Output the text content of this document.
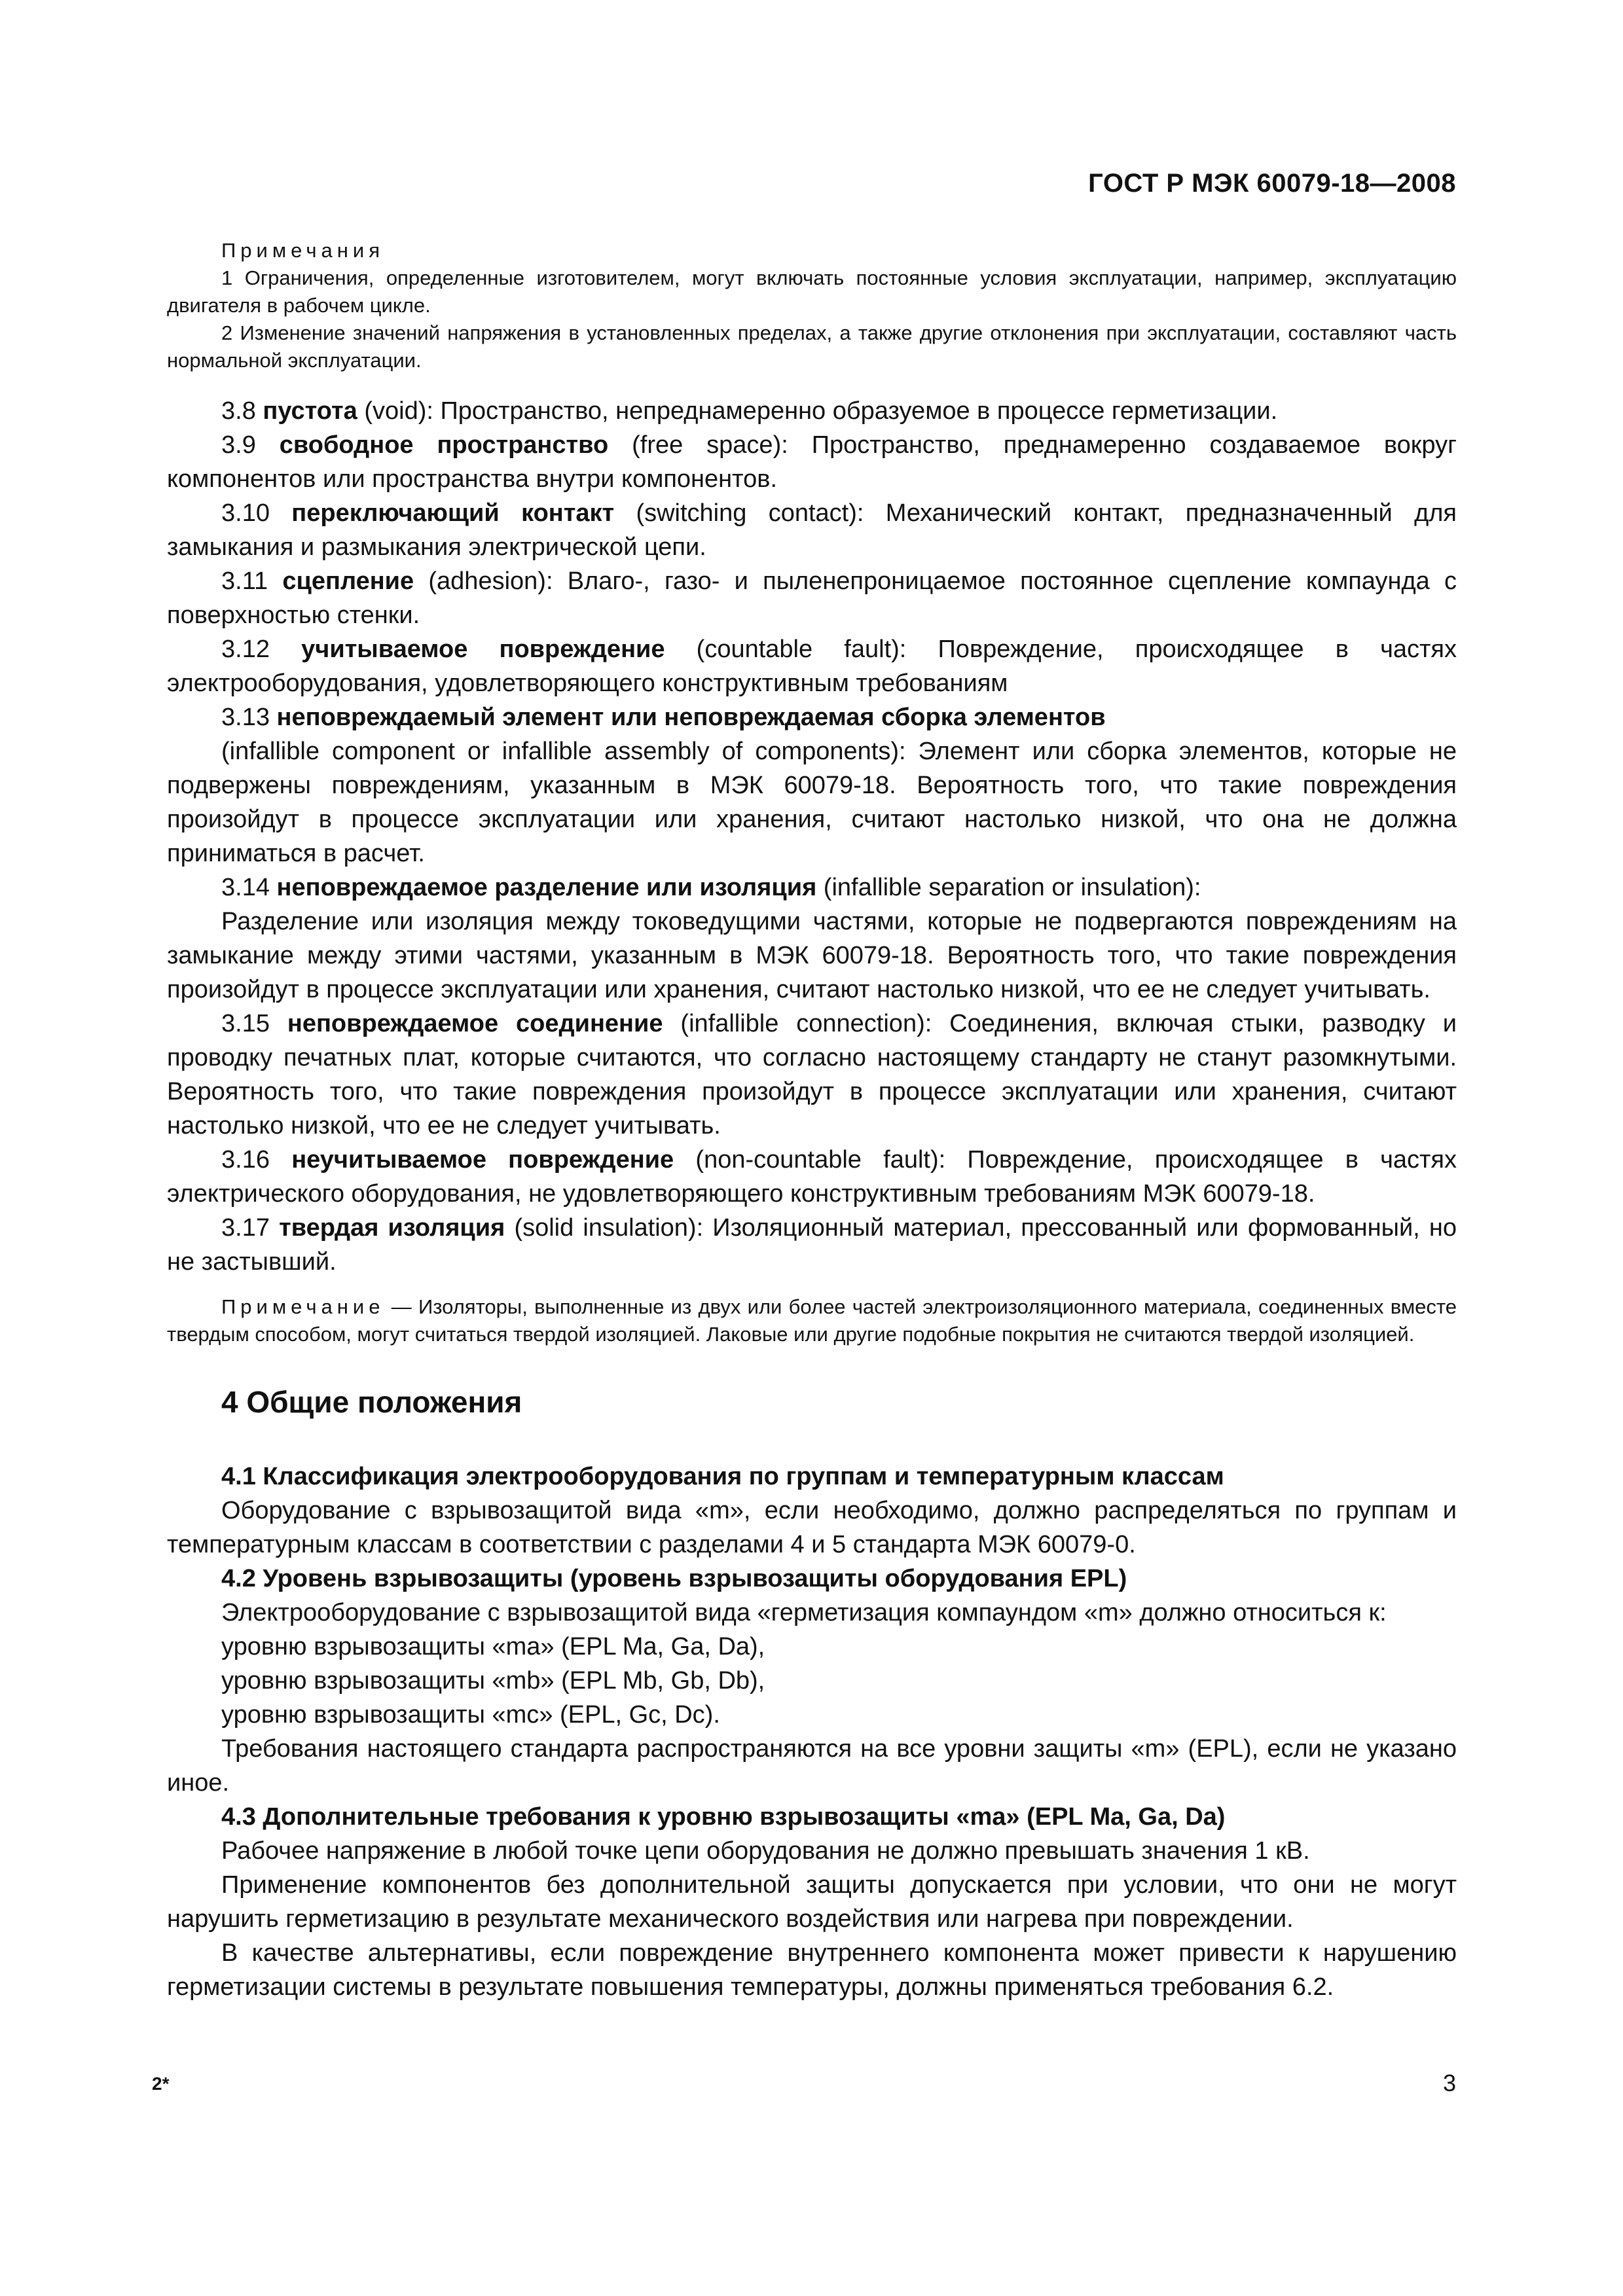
ГОСТ Р МЭК 60079-18—2008
Примечания

1 Ограничения, определенные изготовителем, могут включать постоянные условия эксплуатации, например, эксплуатацию двигателя в рабочем цикле.

2 Изменение значений напряжения в установленных пределах, а также другие отклонения при эксплуатации, составляют часть нормальной эксплуатации.

3.8 пустота (void): Пространство, непреднамеренно образуемое в процессе герметизации.

3.9 свободное пространство (free space): Пространство, преднамеренно создаваемое вокруг компонентов или пространства внутри компонентов.

3.10 переключающий контакт (switching contact): Механический контакт, предназначенный для замыкания и размыкания электрической цепи.

3.11 сцепление (adhesion): Влаго-, газо- и пыленепроницаемое постоянное сцепление компаунда с поверхностью стенки.

3.12 учитываемое повреждение (countable fault): Повреждение, происходящее в частях электрооборудования, удовлетворяющего конструктивным требованиям

3.13 неповреждаемый элемент или неповреждаемая сборка элементов

(infallible component or infallible assembly of components): Элемент или сборка элементов, которые не подвержены повреждениям, указанным в МЭК 60079-18. Вероятность того, что такие повреждения произойдут в процессе эксплуатации или хранения, считают настолько низкой, что она не должна приниматься в расчет.

3.14 неповреждаемое разделение или изоляция (infallible separation or insulation):

Разделение или изоляция между токоведущими частями, которые не подвергаются повреждениям на замыкание между этими частями, указанным в МЭК 60079-18. Вероятность того, что такие повреждения произойдут в процессе эксплуатации или хранения, считают настолько низкой, что ее не следует учитывать.

3.15 неповреждаемое соединение (infallible connection): Соединения, включая стыки, разводку и проводку печатных плат, которые считаются, что согласно настоящему стандарту не станут разомкнутыми. Вероятность того, что такие повреждения произойдут в процессе эксплуатации или хранения, считают настолько низкой, что ее не следует учитывать.

3.16 неучитываемое повреждение (non-countable fault): Повреждение, происходящее в частях электрического оборудования, не удовлетворяющего конструктивным требованиям МЭК 60079-18.

3.17 твердая изоляция (solid insulation): Изоляционный материал, прессованный или формованный, но не застывший.

Примечание — Изоляторы, выполненные из двух или более частей электроизоляционного материала, соединенных вместе твердым способом, могут считаться твердой изоляцией. Лаковые или другие подобные покрытия не считаются твердой изоляцией.

4 Общие положения

4.1 Классификация электрооборудования по группам и температурным классам

Оборудование с взрывозащитой вида «m», если необходимо, должно распределяться по группам и температурным классам в соответствии с разделами 4 и 5 стандарта МЭК 60079-0.

4.2 Уровень взрывозащиты (уровень взрывозащиты оборудования EPL)

Электрооборудование с взрывозащитой вида «герметизация компаундом «m» должно относиться к:

уровню взрывозащиты «ma» (EPL Ma, Ga, Da),

уровню взрывозащиты «mb» (EPL Mb, Gb, Db),

уровню взрывозащиты «mc» (EPL, Gc, Dc).

Требования настоящего стандарта распространяются на все уровни защиты «m» (EPL), если не указано иное.

4.3 Дополнительные требования к уровню взрывозащиты «ma» (EPL Ma, Ga, Da)

Рабочее напряжение в любой точке цепи оборудования не должно превышать значения 1 кВ.

Применение компонентов без дополнительной защиты допускается при условии, что они не могут нарушить герметизацию в результате механического воздействия или нагрева при повреждении.

В качестве альтернативы, если повреждение внутреннего компонента может привести к нарушению герметизации системы в результате повышения температуры, должны применяться требования 6.2.

2*	3
